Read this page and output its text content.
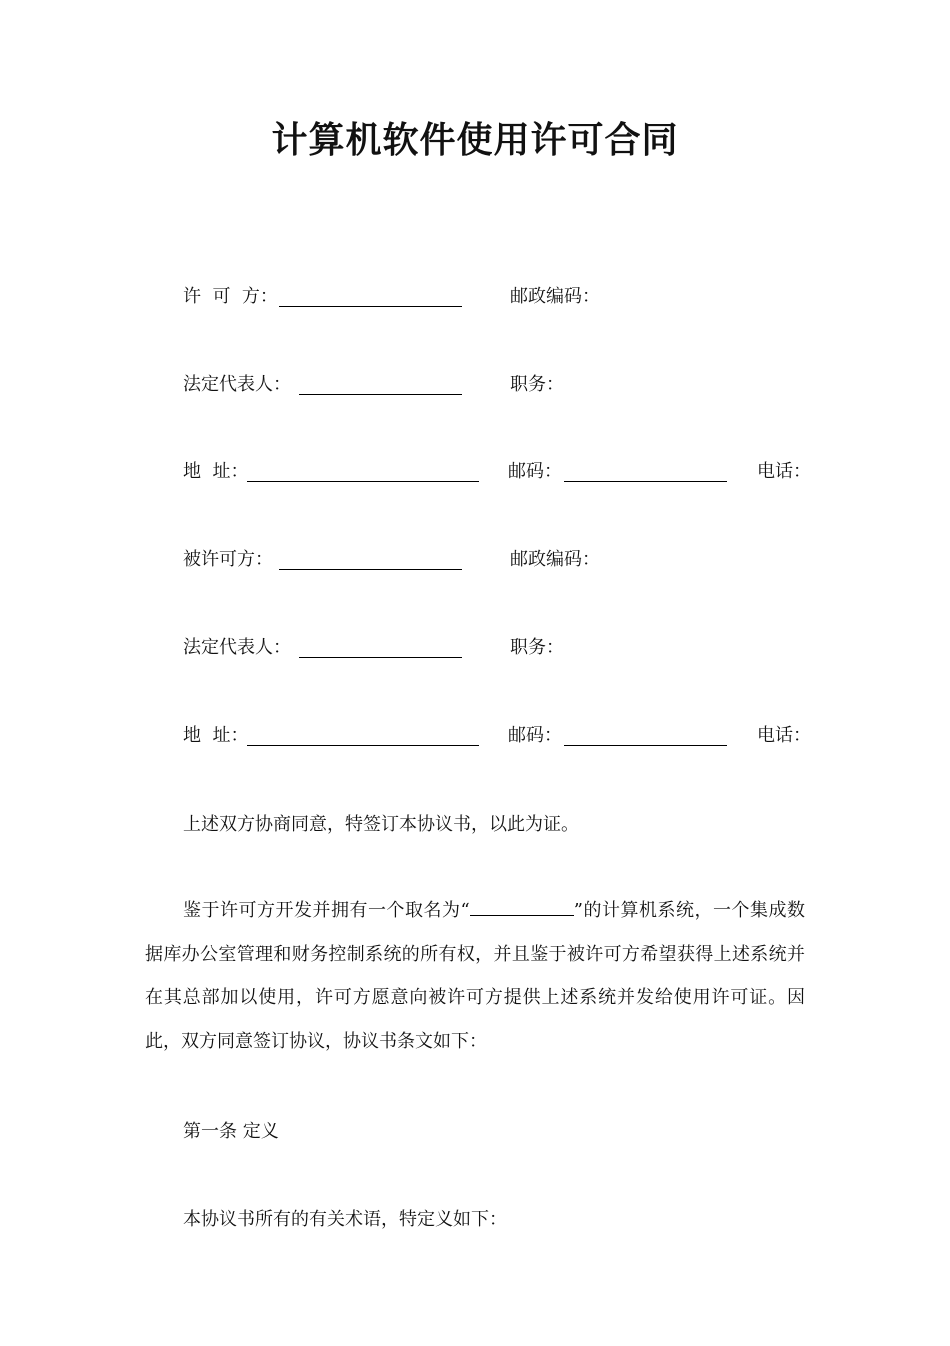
计算机软件使用许可合同
许  可  方：	邮政编码：
法定代表人：	职务：
地  址：	邮码：	电话：
被许可方：	邮政编码：
法定代表人：	职务：
地  址：	邮码：	电话：
上述双方协商同意，特签订本协议书，以此为证。
鉴于许可方开发并拥有一个取名为“	”的计算机系统，一个集成数据库办公室管理和财务控制系统的所有权，并且鉴于被许可方希望获得上述系统并在其总部加以使用，许可方愿意向被许可方提供上述系统并发给使用许可证。因此，双方同意签订协议，协议书条文如下：
第一条 定义
本协议书所有的有关术语，特定义如下：
